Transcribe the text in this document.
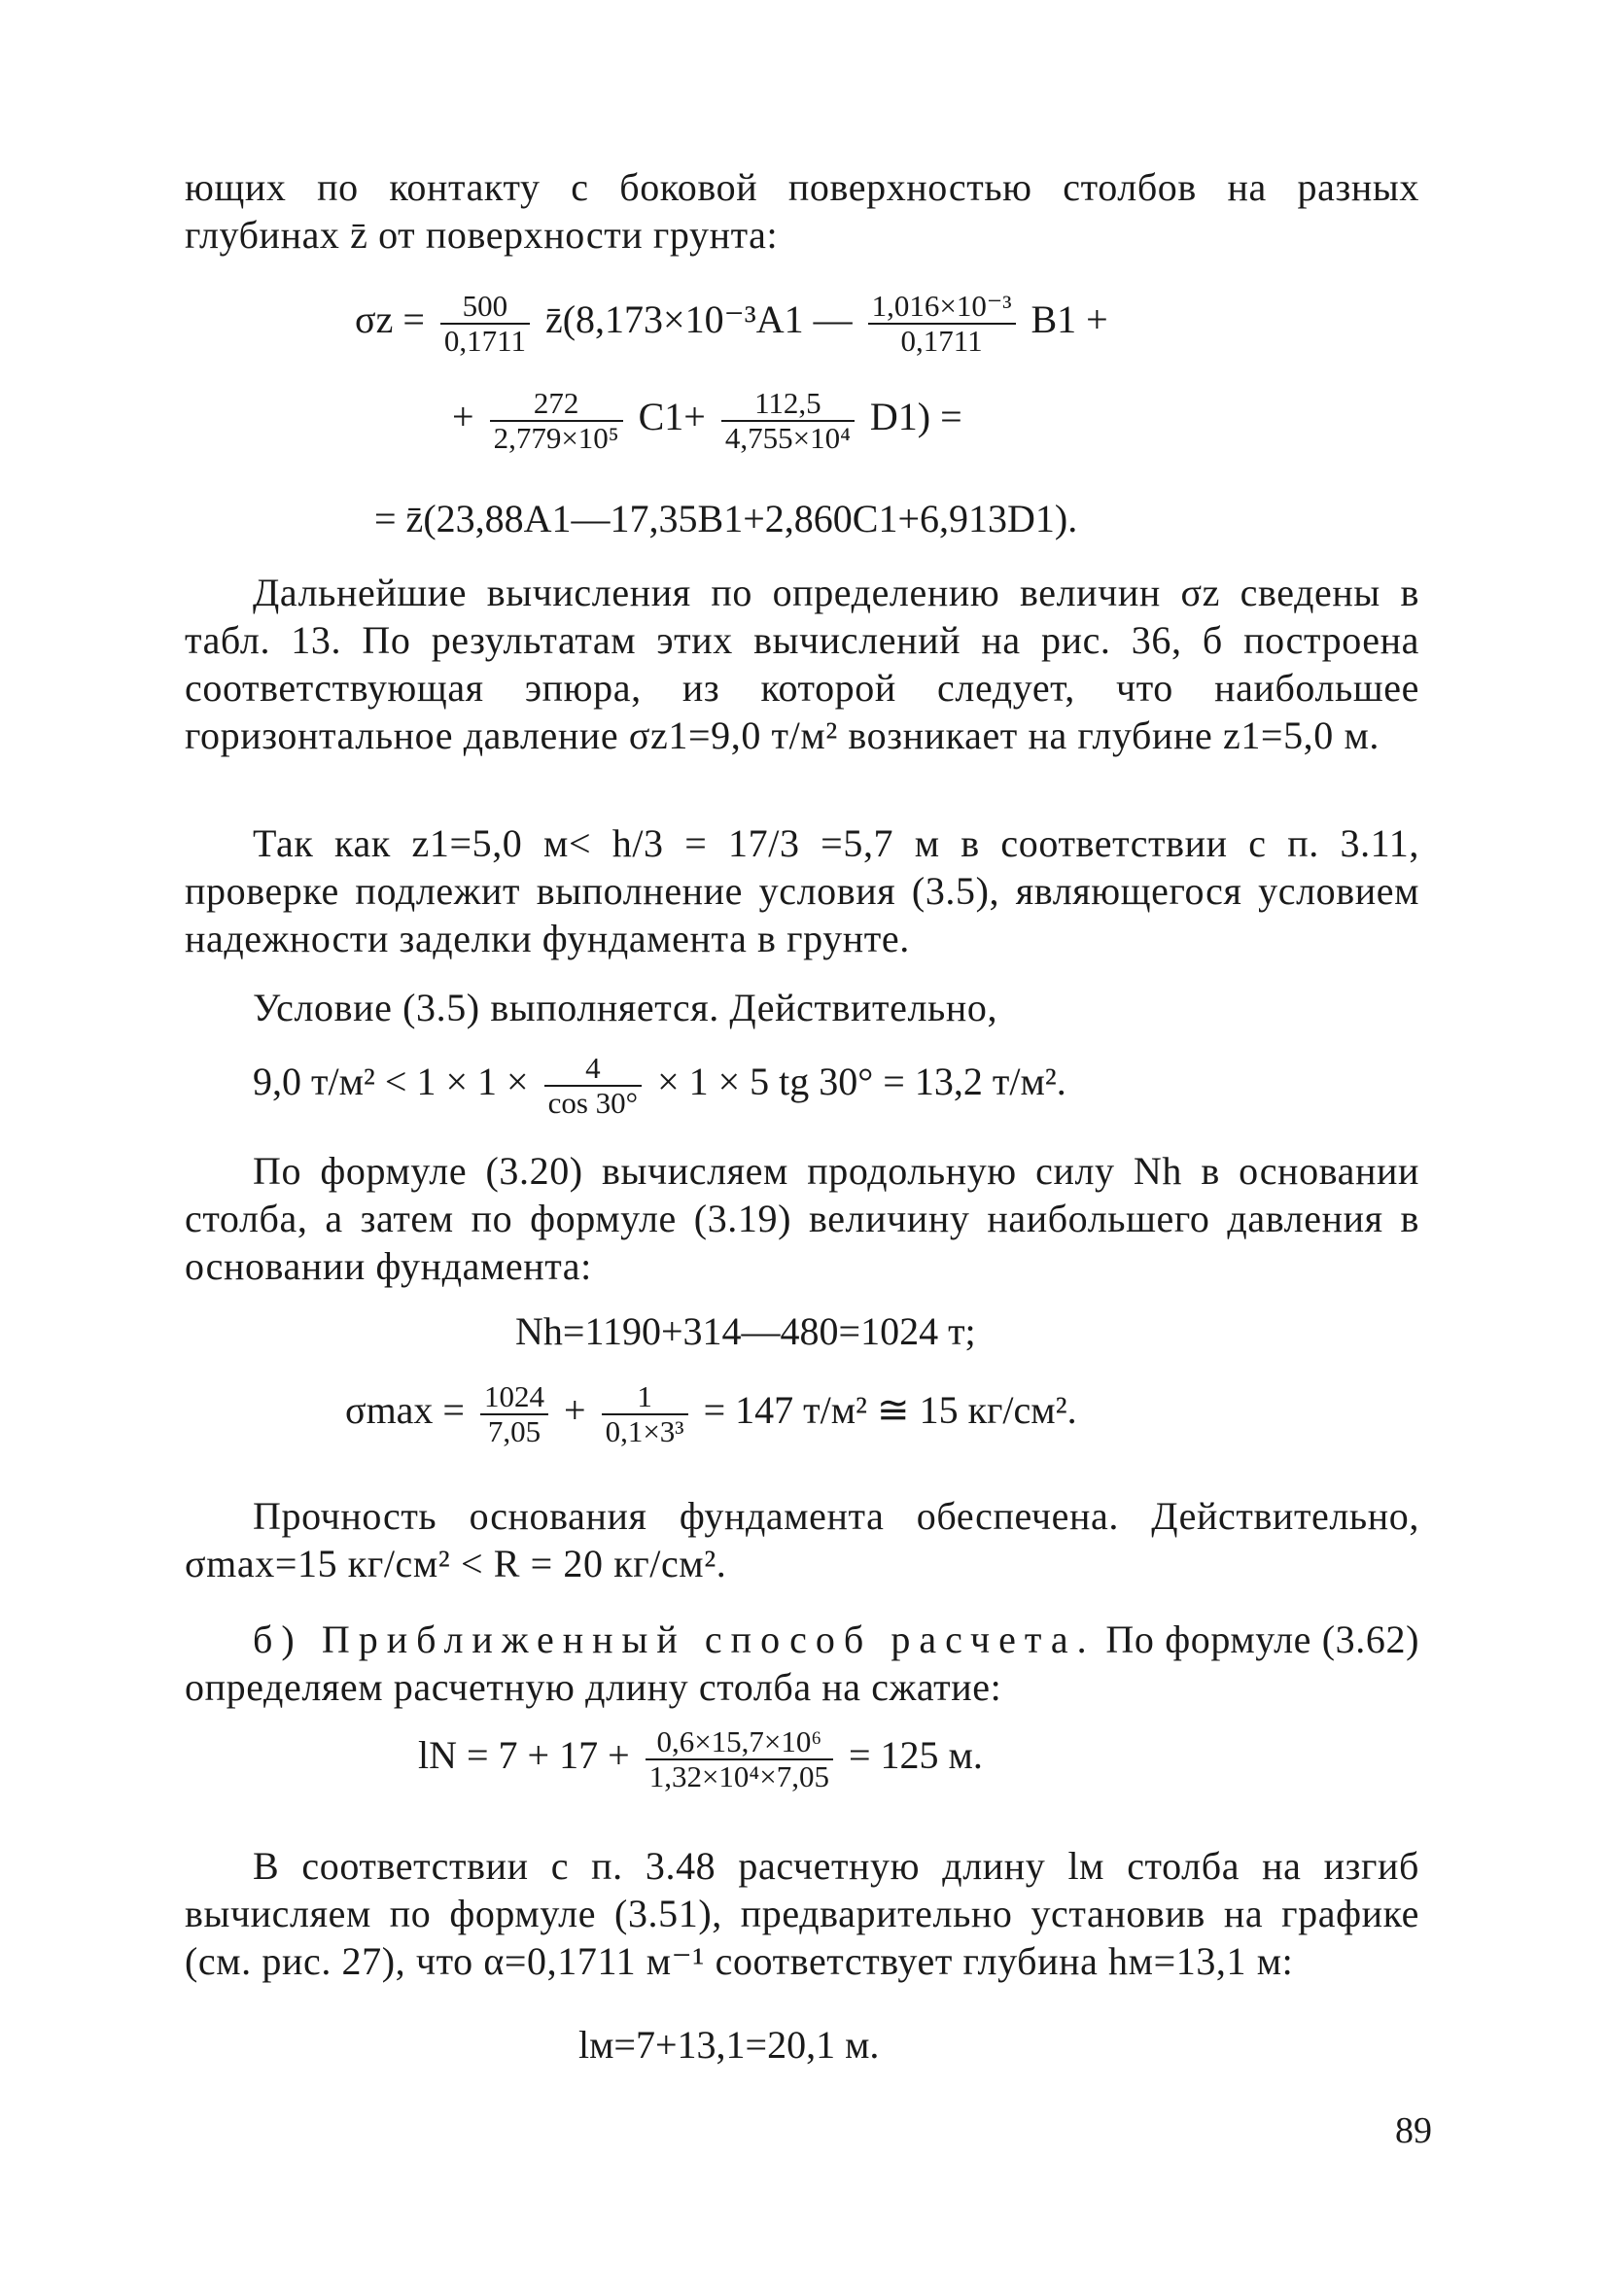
ющих по контакту с боковой поверхностью столбов на разных глубинах z̄ от поверхности грунта:

$\sigma z = \frac{500}{0,1711}$ z̄(8,173×10⁻³A1 — $\frac{\text{1,016×10⁻³}}{0,1711} B1$ +
+ $\frac{272}{\text{2,779×10⁵}} C1+ \frac{112,5}{\text{4,755×10⁴}} D1$) =
= z̄(23,88A1—17,35B1+2,860C1+6,913D1).

Дальнейшие вычисления по определению величин σz сведены в табл. 13. По результатам этих вычислений на рис. 36, б построена соответствующая эпюра, из которой следует, что наибольшее горизонтальное давление σz1=9,0 т/м² возникает на глубине z1=5,0 м.

Так как z1=5,0 м< h/3 = 17/3 =5,7 м в соответствии с п. 3.11, проверке подлежит выполнение условия (3.5), являющегося условием надежности заделки фундамента в грунте.

Условие (3.5) выполняется. Действительно,

9,0 $т/м^2 < 1 \times 1 \times \frac{4}{\cos 30^\circ} \times 1 \times 5$ tg 30° = 13,2 т/м².

По формуле (3.20) вычисляем продольную силу Nh в основании столба, а затем по формуле (3.19) величину наибольшего давления в основании фундамента:

Nh=1190+314—480=1024 т;
$\sigma\max = \frac{1024}{7,05} + \frac{1}{\text{0,1×3³}} = 147$ т/м² ≅ 15 кг/см².

Прочность основания фундамента обеспечена. Действительно, σmax=15 кг/см² < R = 20 кг/см².

б) Приближенный способ расчета. По формуле (3.62) определяем расчетную длину столба на сжатие:

lN = $7 + 17 + \frac{\text{0,6×15,7×10⁶}}{\text{1,32×10⁴×7,05}} = 125$ м.

В соответствии с п. 3.48 расчетную длину lм столба на изгиб вычисляем по формуле (3.51), предварительно установив на графике (см. рис. 27), что α=0,1711 м⁻¹ соответствует глубина hм=13,1 м:

lм=7+13,1=20,1 м.
89
